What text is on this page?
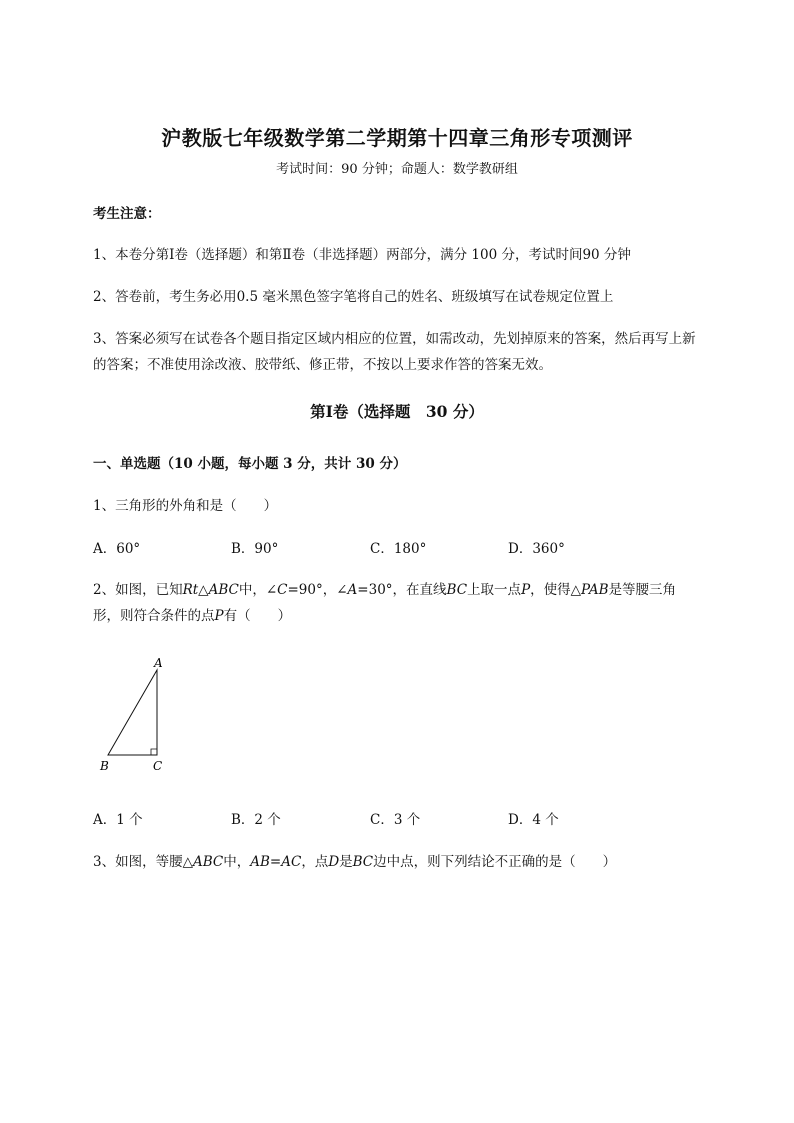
沪教版七年级数学第二学期第十四章三角形专项测评
考试时间：90 分钟；命题人：数学教研组
考生注意：
1、本卷分第Ⅰ卷（选择题）和第Ⅱ卷（非选择题）两部分，满分 100 分，考试时间90 分钟
2、答卷前，考生务必用0.5 毫米黑色签字笔将自己的姓名、班级填写在试卷规定位置上
3、答案必须写在试卷各个题目指定区域内相应的位置，如需改动，先划掉原来的答案，然后再写上新
的答案；不准使用涂改液、胶带纸、修正带，不按以上要求作答的答案无效。
第Ⅰ卷（选择题　30 分）
一、单选题（10 小题，每小题 3 分，共计 30 分）
1、三角形的外角和是（　　）
A．60°	B．90°	C．180°	D．360°
2、如图，已知Rt△ABC中，∠C=90°，∠A=30°，在直线BC上取一点P，使得△PAB是等腰三角
形，则符合条件的点P有（　　）
A
B	C
A．1 个	B．2 个	C．3 个	D．4 个
3、如图，等腰△ABC中，AB=AC，点D是BC边中点，则下列结论不正确的是（　　）
